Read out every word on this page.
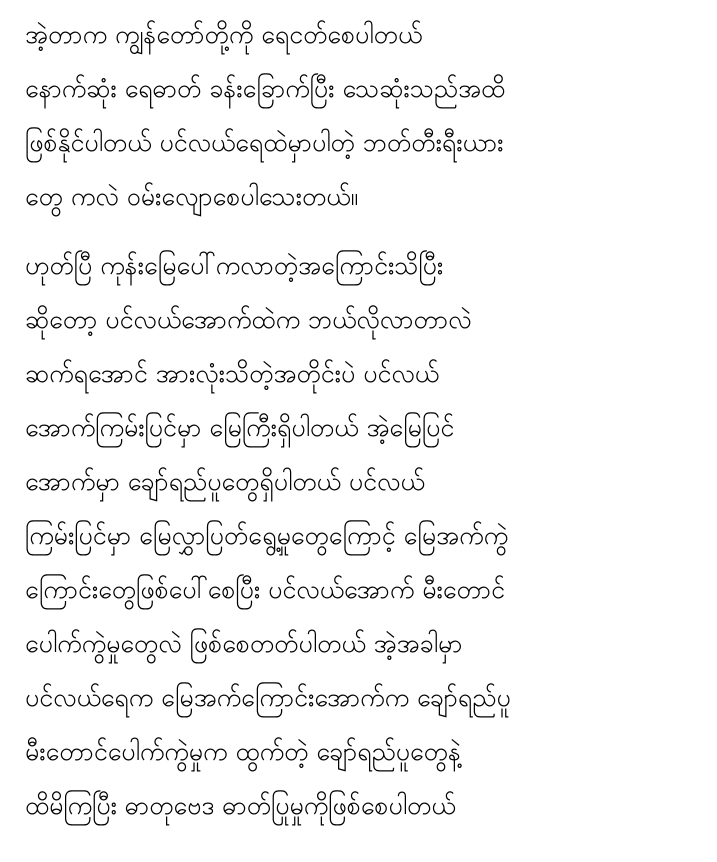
အဲ့တာက ကျွန်တော်တို့ကို ရေငတ်စေပါတယ်
နောက်ဆုံး ရေဓာတ် ခန်းခြောက်ပြီး သေဆုံးသည်အထိ
ဖြစ်နိုင်ပါတယ် ပင်လယ်ရေထဲမှာပါတဲ့ ဘတ်တီးရီးယား
တွေ ကလဲ ဝမ်းလျောစေပါသေးတယ်။
ဟုတ်ပြီ ကုန်းမြေပေါ်ကလာတဲ့အကြောင်းသိပြီး
ဆိုတော့ ပင်လယ်အောက်ထဲက ဘယ်လိုလာတာလဲ
ဆက်ရအောင် အားလုံးသိတဲ့အတိုင်းပဲ ပင်လယ်
အောက်ကြမ်းပြင်မှာ မြေကြီးရှိပါတယ် အဲ့မြေပြင်
အောက်မှာ ချော်ရည်ပူတွေရှိပါတယ် ပင်လယ်
ကြမ်းပြင်မှာ မြေလွှာပြတ်ရွေ့မှုတွေကြောင့် မြေအက်ကွဲ
ကြောင်းတွေဖြစ်ပေါ်စေပြီး ပင်လယ်အောက် မီးတောင်
ပေါက်ကွဲမှုတွေလဲ ဖြစ်စေတတ်ပါတယ် အဲ့အခါမှာ
ပင်လယ်ရေက မြေအက်ကြောင်းအောက်က ချော်ရည်ပူ
မီးတောင်ပေါက်ကွဲမှုက ထွက်တဲ့ ချော်ရည်ပူတွေနဲ့
ထိမိကြပြီး ဓာတုဗေဒ ဓာတ်ပြုမှုကိုဖြစ်စေပါတယ်
